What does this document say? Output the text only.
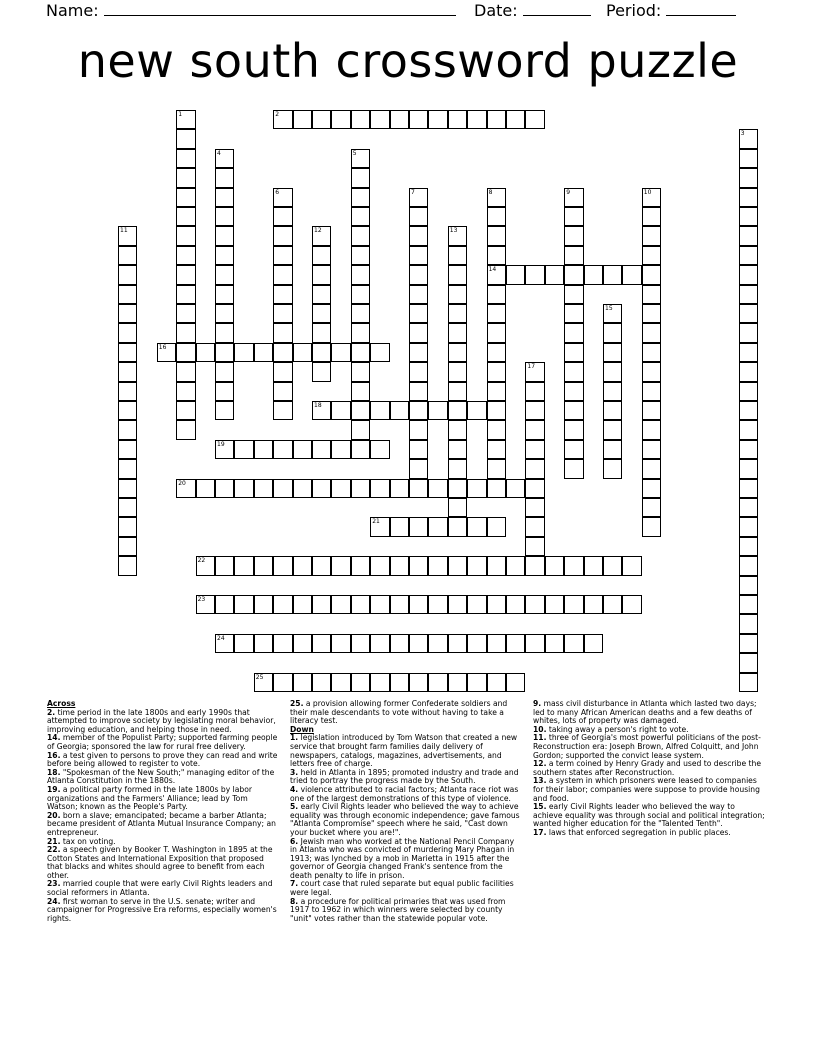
Name:	Date:	Period:
new south crossword puzzle
1	2
3
4	5
6	7	8
14
9	10
11	12	13
15
16
17
18
19
20
21
22
23
24
25
Across
2. time period in the late 1800s and early 1990s that attempted to improve society by legislating moral behavior, improving education, and helping those in need.
14. member of the Populist Party; supported farming people of Georgia; sponsored the law for rural free delivery.
16. a test given to persons to prove they can read and write before being allowed to register to vote.
18. "Spokesman of the New South;" managing editor of the Atlanta Constitution in the 1880s.
19. a political party formed in the late 1800s by labor organizations and the Farmers' Alliance; lead by Tom Watson; known as the People's Party.
20. born a slave; emancipated; became a barber Atlanta; became president of Atlanta Mutual Insurance Company; an entrepreneur.
21. tax on voting.
22. a speech given by Booker T. Washington in 1895 at the Cotton States and International Exposition that proposed that blacks and whites should agree to benefit from each other.
23. married couple that were early Civil Rights leaders and social reformers in Atlanta.
24. first woman to serve in the U.S. senate; writer and campaigner for Progressive Era reforms, especially women's rights.
25. a provision allowing former Confederate soldiers and their male descendants to vote without having to take a literacy test.
Down
1. legislation introduced by Tom Watson that created a new service that brought farm families daily delivery of newspapers, catalogs, magazines, advertisements, and letters free of charge.
3. held in Atlanta in 1895; promoted industry and trade and tried to portray the progress made by the South.
4. violence attributed to racial factors; Atlanta race riot was one of the largest demonstrations of this type of violence.
5. early Civil Rights leader who believed the way to achieve equality was through economic independence; gave famous "Atlanta Compromise" speech where he said, "Cast down your bucket where you are!".
6. Jewish man who worked at the National Pencil Company in Atlanta who was convicted of murdering Mary Phagan in 1913; was lynched by a mob in Marietta in 1915 after the governor of Georgia changed Frank's sentence from the death penalty to life in prison.
7. court case that ruled separate but equal public facilities were legal.
8. a procedure for political primaries that was used from 1917 to 1962 in which winners were selected by county "unit" votes rather than the statewide popular vote.
9. mass civil disturbance in Atlanta which lasted two days; led to many African American deaths and a few deaths of whites, lots of property was damaged.
10. taking away a person's right to vote.
11. three of Georgia's most powerful politicians of the post-Reconstruction era: Joseph Brown, Alfred Colquitt, and John Gordon; supported the convict lease system.
12. a term coined by Henry Grady and used to describe the southern states after Reconstruction.
13. a system in which prisoners were leased to companies for their labor; companies were suppose to provide housing and food.
15. early Civil Rights leader who believed the way to achieve equality was through social and political integration; wanted higher education for the "Talented Tenth".
17. laws that enforced segregation in public places.
